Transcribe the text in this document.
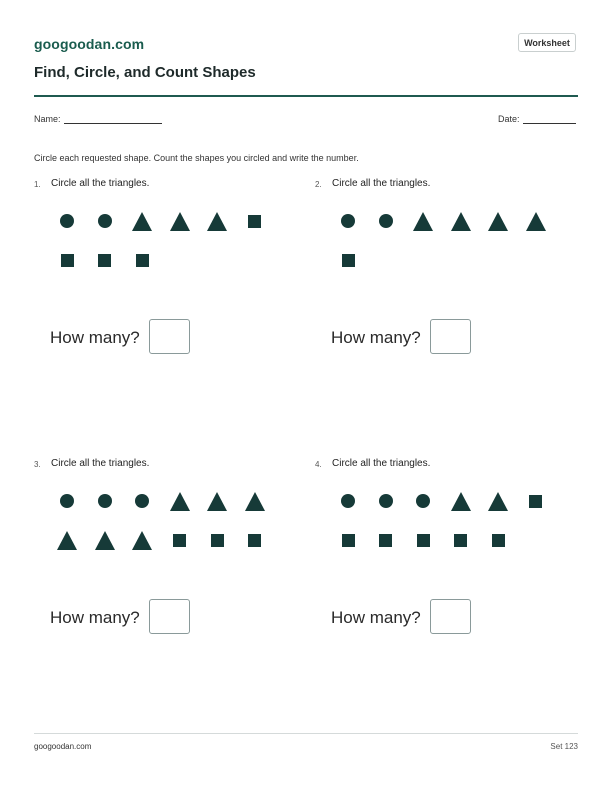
googoodan.com	Worksheet
Find, Circle, and Count Shapes
Name:	Date:
Circle each requested shape. Count the shapes you circled and write the number.
1. Circle all the triangles.
How many?
2. Circle all the triangles.
How many?
3. Circle all the triangles.
How many?
4. Circle all the triangles.
How many?
googoodan.com	Set 123
